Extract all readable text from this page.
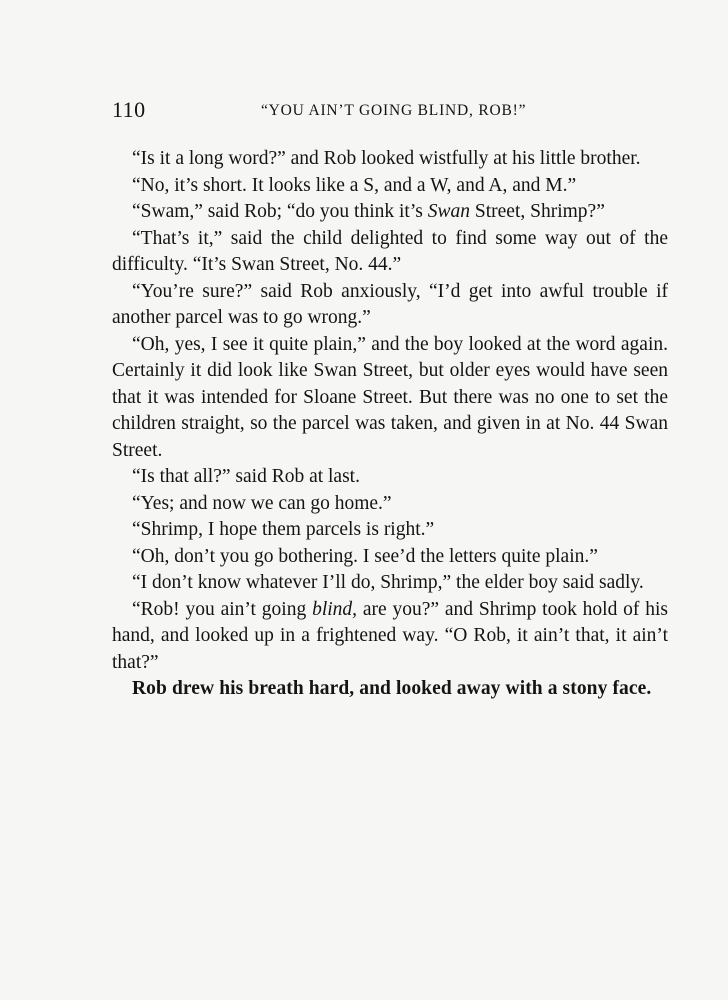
110	“YOU AIN’T GOING BLIND, ROB!”

“Is it a long word?” and Rob looked wistfully at his little brother.

“No, it’s short. It looks like a S, and a W, and A, and M.”

“Swam,” said Rob; “do you think it’s Swan Street, Shrimp?”

“That’s it,” said the child delighted to find some way out of the difficulty. “It’s Swan Street, No. 44.”

“You’re sure?” said Rob anxiously, “I’d get into awful trouble if another parcel was to go wrong.”

“Oh, yes, I see it quite plain,” and the boy looked at the word again. Certainly it did look like Swan Street, but older eyes would have seen that it was intended for Sloane Street. But there was no one to set the children straight, so the parcel was taken, and given in at No. 44 Swan Street.

“Is that all?” said Rob at last.

“Yes; and now we can go home.”

“Shrimp, I hope them parcels is right.”

“Oh, don’t you go bothering. I see’d the letters quite plain.”

“I don’t know whatever I’ll do, Shrimp,” the elder boy said sadly.

“Rob! you ain’t going blind, are you?” and Shrimp took hold of his hand, and looked up in a frightened way. “O Rob, it ain’t that, it ain’t that?”

Rob drew his breath hard, and looked away with a stony face.
